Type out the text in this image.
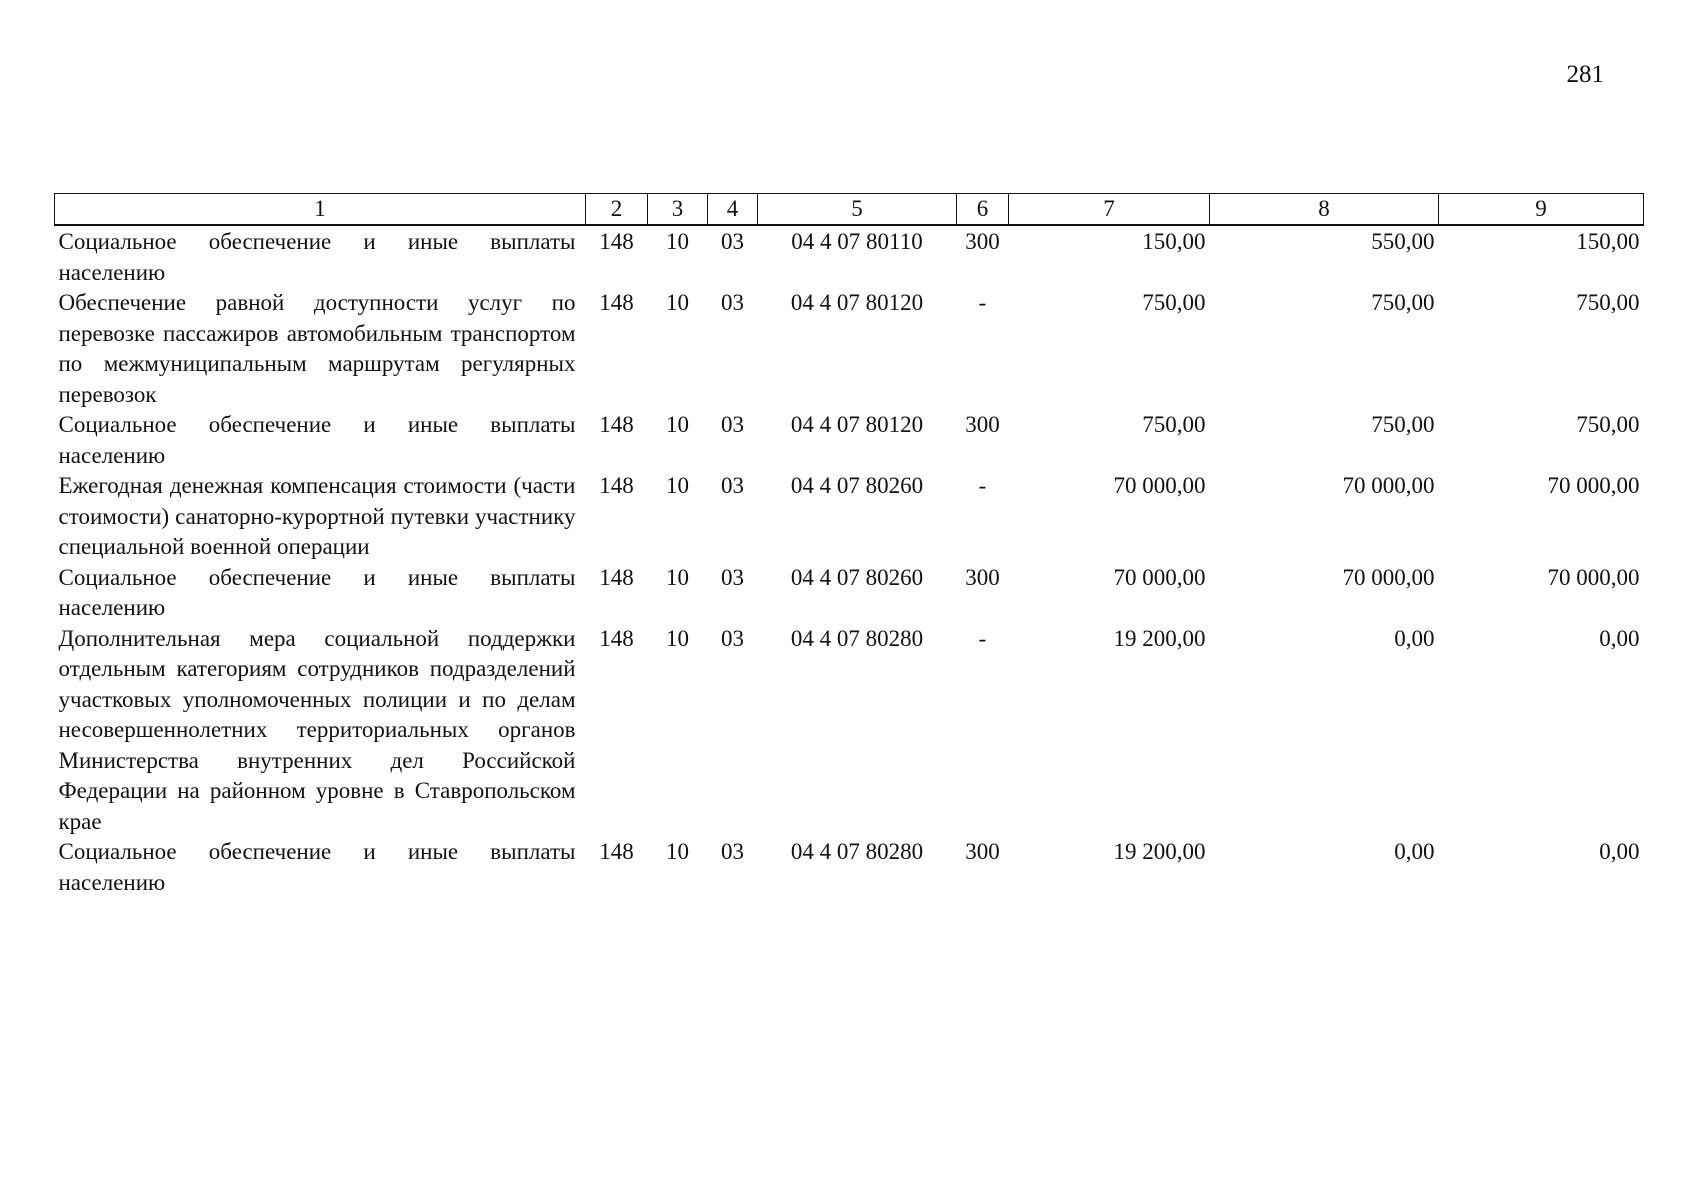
281
1	2	3	4	5	6	7	8	9
Социальное обеспечение и иные выплаты населению	148	10	03	04 4 07 80110	300	150,00	550,00	150,00
Обеспечение равной доступности услуг по перевозке пассажиров автомобильным транспортом по межмуниципальным маршрутам регулярных перевозок	148	10	03	04 4 07 80120	-	750,00	750,00	750,00
Социальное обеспечение и иные выплаты населению	148	10	03	04 4 07 80120	300	750,00	750,00	750,00
Ежегодная денежная компенсация стоимости (части стоимости) санаторно-курортной путевки участнику специальной военной операции	148	10	03	04 4 07 80260	-	70 000,00	70 000,00	70 000,00
Социальное обеспечение и иные выплаты населению	148	10	03	04 4 07 80260	300	70 000,00	70 000,00	70 000,00
Дополнительная мера социальной поддержки отдельным категориям сотрудников подразделений участковых уполномоченных полиции и по делам несовершеннолетних территориальных органов Министерства внутренних дел Российской Федерации на районном уровне в Ставропольском крае	148	10	03	04 4 07 80280	-	19 200,00	0,00	0,00
Социальное обеспечение и иные выплаты населению	148	10	03	04 4 07 80280	300	19 200,00	0,00	0,00
